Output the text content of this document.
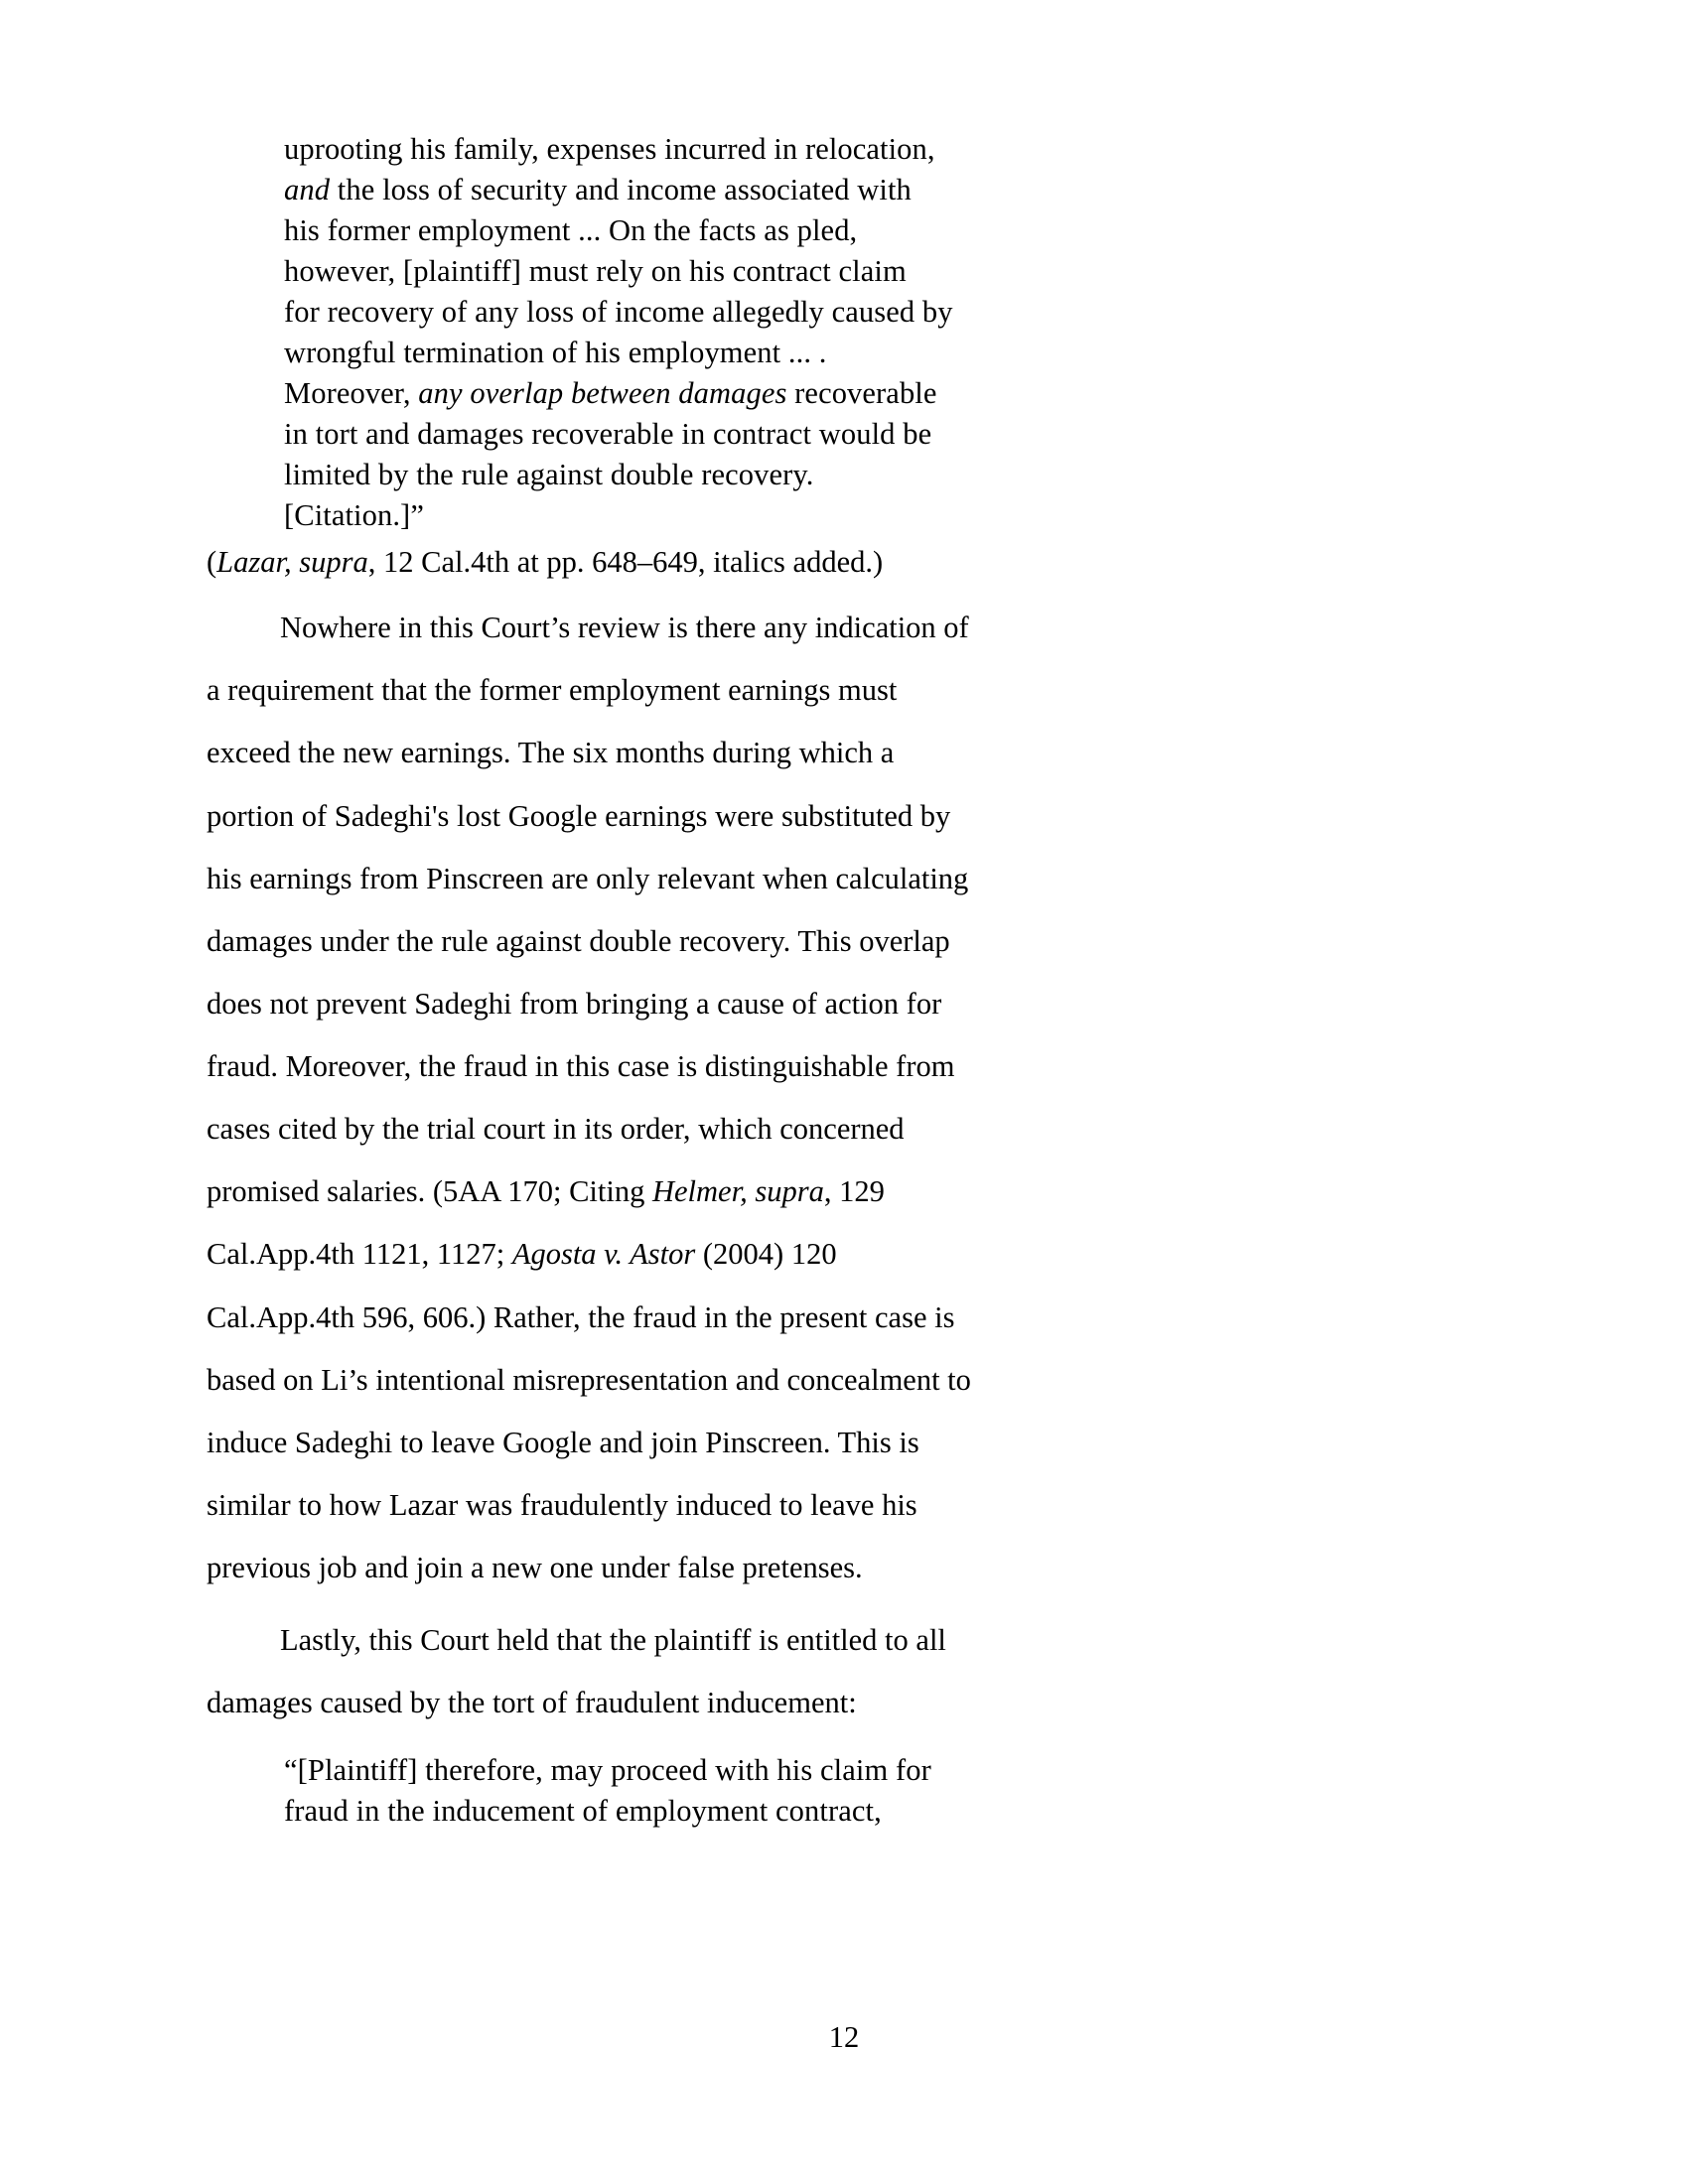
uprooting his family, expenses incurred in relocation,
and the loss of security and income associated with
his former employment ... On the facts as pled,
however, [plaintiff] must rely on his contract claim
for recovery of any loss of income allegedly caused by
wrongful termination of his employment ... .
Moreover, any overlap between damages recoverable
in tort and damages recoverable in contract would be
limited by the rule against double recovery.
[Citation.]”

(Lazar, supra, 12 Cal.4th at pp. 648–649, italics added.)

Nowhere in this Court’s review is there any indication of a requirement that the former employment earnings must exceed the new earnings. The six months during which a portion of Sadeghi's lost Google earnings were substituted by his earnings from Pinscreen are only relevant when calculating damages under the rule against double recovery. This overlap does not prevent Sadeghi from bringing a cause of action for fraud. Moreover, the fraud in this case is distinguishable from cases cited by the trial court in its order, which concerned promised salaries. (5AA 170; Citing Helmer, supra, 129 Cal.App.4th 1121, 1127; Agosta v. Astor (2004) 120 Cal.App.4th 596, 606.) Rather, the fraud in the present case is based on Li’s intentional misrepresentation and concealment to induce Sadeghi to leave Google and join Pinscreen. This is similar to how Lazar was fraudulently induced to leave his previous job and join a new one under false pretenses.

Lastly, this Court held that the plaintiff is entitled to all damages caused by the tort of fraudulent inducement:

“[Plaintiff] therefore, may proceed with his claim for
fraud in the inducement of employment contract,
12
